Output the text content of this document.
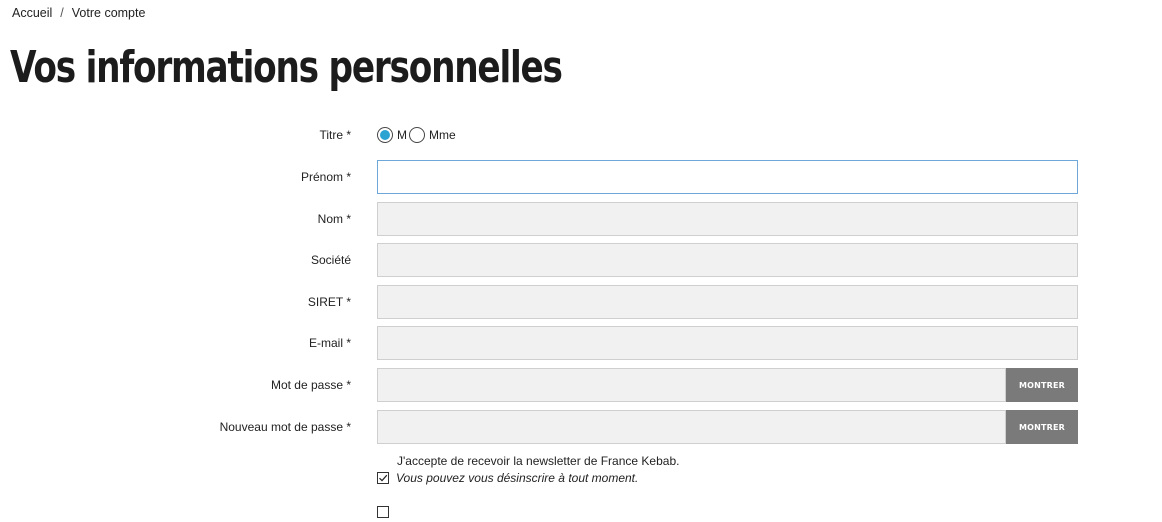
Accueil / Votre compte
Vos informations personnelles
Titre *	M Mme
Prénom *
Nom *
Société
SIRET *
E-mail *
Mot de passe *	MONTRER
Nouveau mot de passe *	MONTRER
J'accepte de recevoir la newsletter de France Kebab.
Vous pouvez vous désinscrire à tout moment.
